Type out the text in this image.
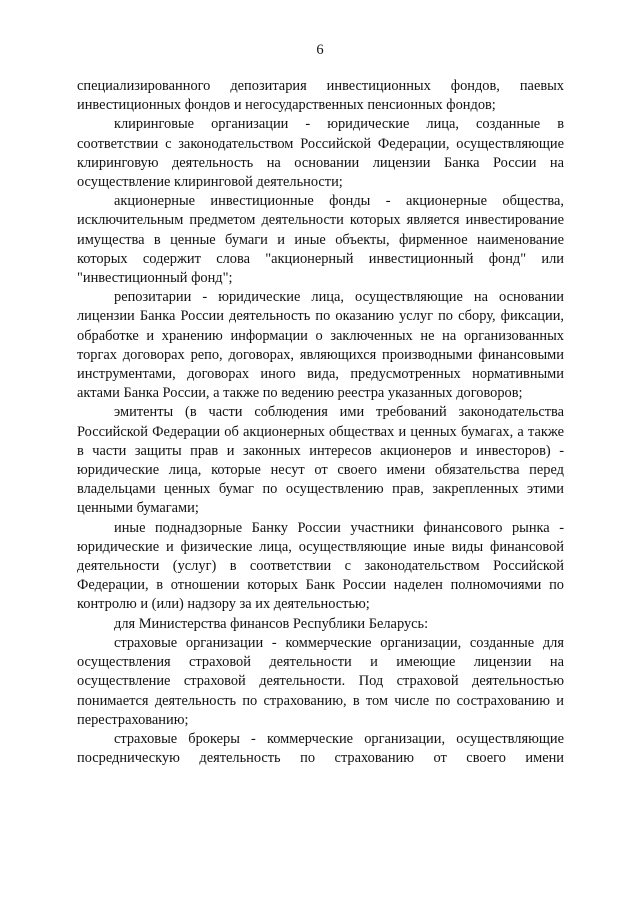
6

специализированного депозитария инвестиционных фондов, паевых инвестиционных фондов и негосударственных пенсионных фондов;

клиринговые организации - юридические лица, созданные в соответствии с законодательством Российской Федерации, осуществляющие клиринговую деятельность на основании лицензии Банка России на осуществление клиринговой деятельности;

акционерные инвестиционные фонды - акционерные общества, исключительным предметом деятельности которых является инвестирование имущества в ценные бумаги и иные объекты, фирменное наименование которых содержит слова "акционерный инвестиционный фонд" или "инвестиционный фонд";

репозитарии - юридические лица, осуществляющие на основании лицензии Банка России деятельность по оказанию услуг по сбору, фиксации, обработке и хранению информации о заключенных не на организованных торгах договорах репо, договорах, являющихся производными финансовыми инструментами, договорах иного вида, предусмотренных нормативными актами Банка России, а также по ведению реестра указанных договоров;

эмитенты (в части соблюдения ими требований законодательства Российской Федерации об акционерных обществах и ценных бумагах, а также в части защиты прав и законных интересов акционеров и инвесторов) - юридические лица, которые несут от своего имени обязательства перед владельцами ценных бумаг по осуществлению прав, закрепленных этими ценными бумагами;

иные поднадзорные Банку России участники финансового рынка - юридические и физические лица, осуществляющие иные виды финансовой деятельности (услуг) в соответствии с законодательством Российской Федерации, в отношении которых Банк России наделен полномочиями по контролю и (или) надзору за их деятельностью;

для Министерства финансов Республики Беларусь:

страховые организации - коммерческие организации, созданные для осуществления страховой деятельности и имеющие лицензии на осуществление страховой деятельности. Под страховой деятельностью понимается деятельность по страхованию, в том числе по сострахованию и перестрахованию;

страховые брокеры - коммерческие организации, осуществляющие посредническую деятельность по страхованию от своего имени
